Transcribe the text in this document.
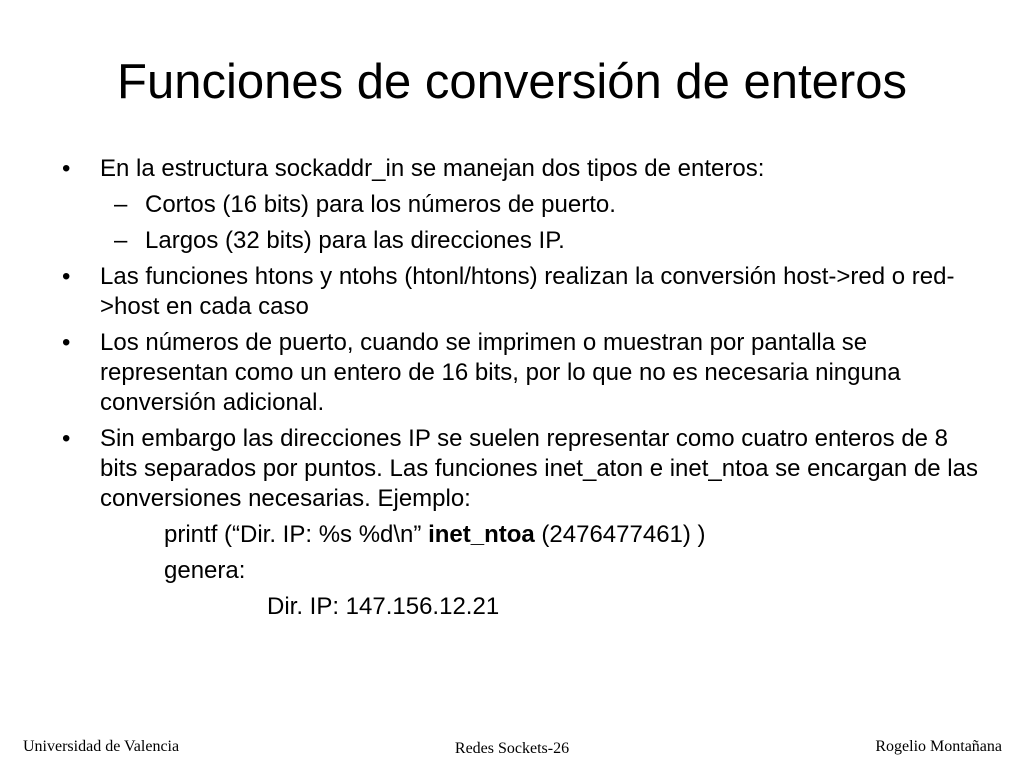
Funciones de conversión de enteros
•	En la estructura sockaddr_in se manejan dos tipos de enteros:

– Cortos (16 bits) para los números de puerto.
– Largos (32 bits) para las direcciones IP.
•	Las funciones htons y ntohs (htonl/htons) realizan la conversión host->red o red->host en cada caso

•	Los números de puerto, cuando se imprimen o muestran por pantalla se representan como un entero de 16 bits, por lo que no es necesaria ninguna conversión adicional.

•	Sin embargo las direcciones IP se suelen representar como cuatro enteros de 8 bits separados por puntos. Las funciones inet_aton e inet_ntoa se encargan de las conversiones necesarias. Ejemplo:

printf (“Dir. IP: %s %d\n” inet_ntoa (2476477461) )
genera:
Dir. IP: 147.156.12.21
Universidad de Valencia	Redes Sockets-26	Rogelio Montañana
